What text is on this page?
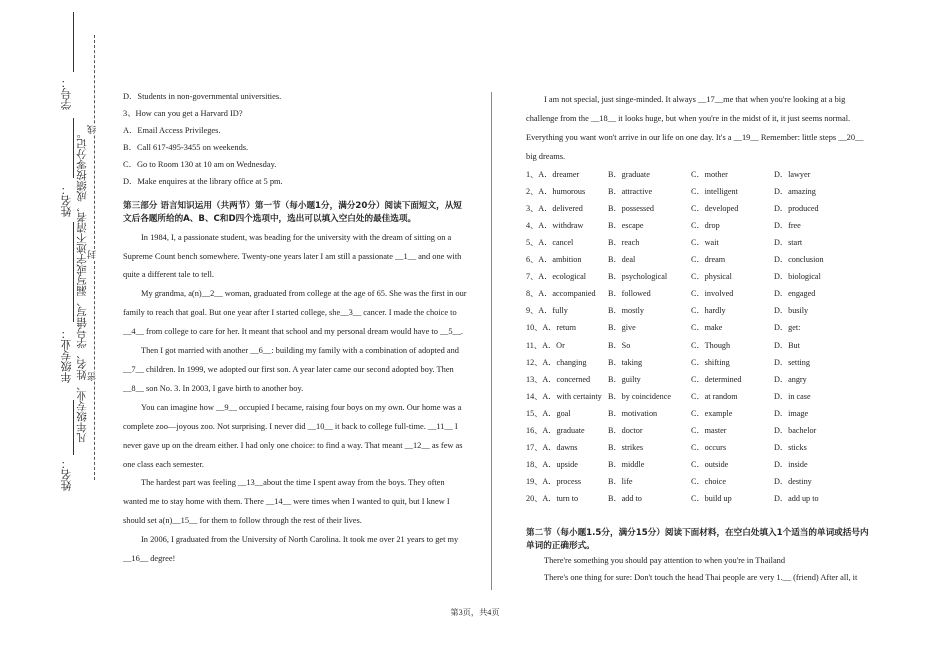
姓名：
年级专业：
姓名：
学号：
凡年级专业、姓名、学号错写、漏写或字迹不清者，成绩按零分记。 密
封
线

D．Students in non-governmental universities.

3、How can you get a Harvard ID?

A．Email Access Privileges.

B．Call 617-495-3455 on weekends.

C．Go to Room 130 at 10 am on Wednesday.

D．Make enquires at the library office at 5 pm.

第三部分 语言知识运用（共两节）第一节（每小题1分，满分20分）阅读下面短文，从短文后各题所给的A、B、C和D四个选项中，选出可以填入空白处的最佳选项。

In 1984, I, a passionate student, was beading for the university with the dream of sitting on a Supreme Count bench somewhere. Twenty-one years later I am still a passionate __1__ and one with quite a different tale to tell.

My grandma, a(n)__2__ woman, graduated from college at the age of 65. She was the first in our family to reach that goal. But one year after I started college, she__3__ cancer. I made the choice to __4__ from college to care for her. It meant that school and my personal dream would have to __5__.

Then I got married with another __6__: building my family with a combination of adopted and __7__ children. In 1999, we adopted our first son. A year later came our second adopted boy. Then __8__ son No. 3. In 2003, I gave birth to another boy.

You can imagine how __9__ occupied I became, raising four boys on my own. Our home was a complete zoo—joyous zoo. Not surprising. I never did __10__ it back to college full-time. __11__ I never gave up on the dream either. I had only one choice: to find a way. That meant __12__ as few as one class each semester.

The hardest part was feeling __13__about the time I spent away from the boys. They often wanted me to stay home with them. There __14__ were times when I wanted to quit, but I knew I should set a(n)__15__ for them to follow through the rest of their lives.

In 2006, I graduated from the University of North Carolina. It took me over 21 years to get my __16__ degree!

I am not special, just singe-minded. It always __17__me that when you're looking at a big challenge from the __18__ it looks huge, but when you're in the midst of it, it just seems normal. Everything you want won't arrive in our life on one day. It's a __19__ Remember: little steps __20__ big dreams.

1、A．dreamer	B．graduate	C．mother	D．lawyer
2、A．humorous	B．attractive	C．intelligent	D．amazing
3、A．delivered	B．possessed	C．developed	D．produced
4、A．withdraw	B．escape	C．drop	D．free
5、A．cancel	B．reach	C．wait	D．start
6、A．ambition	B．deal	C．dream	D．conclusion
7、A．ecological	B．psychological	C．physical	D．biological
8、A．accompanied B．followed	C．involved	D．engaged
9、A．fully	B．mostly	C．hardly	D．busily
10、A．return	B．give	C．make	D．get:
11、A．Or	B．So	C．Though	D．But
12、A．changing	B．taking	C．shifting	D．setting
13、A．concerned B．guilty	C．determined	D．angry
14、A．with certainty B．by coincidence C．at random	D．in case
15、A．goal	B．motivation	C．example	D．image
16、A．graduate	B．doctor	C．master	D．bachelor
17、A．dawns	B．strikes	C．occurs	D．sticks
18、A．upside	B．middle	C．outside	D．inside
19、A．process	B．life	C．choice	D．destiny
20、A．turn to	B．add to	C．build up	D．add up to

第二节（每小题1.5分，满分15分）阅读下面材料，在空白处填入1个适当的单词或括号内单词的正确形式。

There're something you should pay attention to when you're in Thailand

There's one thing for sure: Don't touch the head Thai people are very 1.__ (friend) After all, it

第3页，共4页
